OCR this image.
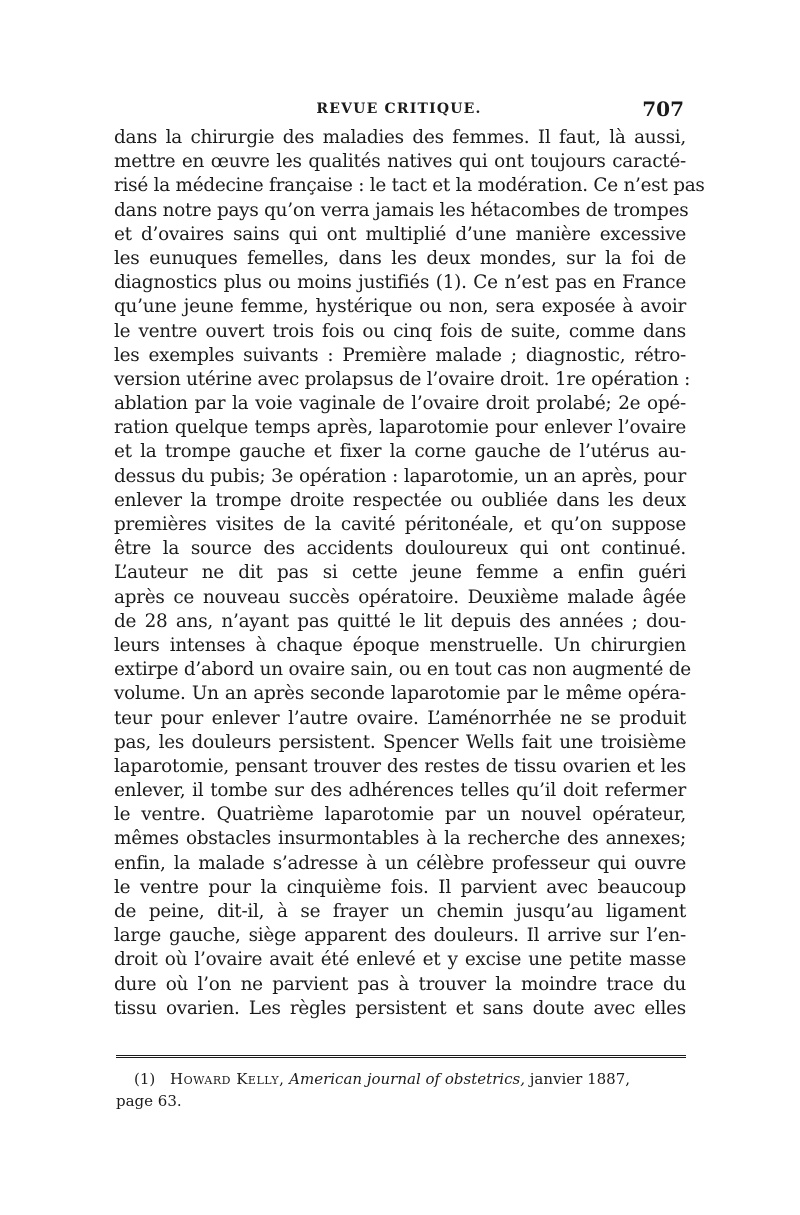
REVUE CRITIQUE.	707
dans la chirurgie des maladies des femmes. Il faut, là aussi,
mettre en œuvre les qualités natives qui ont toujours caracté-
risé la médecine française : le tact et la modération. Ce n’est pas
dans notre pays qu’on verra jamais les hétacombes de trompes
et d’ovaires sains qui ont multiplié d’une manière excessive
les eunuques femelles, dans les deux mondes, sur la foi de
diagnostics plus ou moins justifiés (1). Ce n’est pas en France
qu’une jeune femme, hystérique ou non, sera exposée à avoir
le ventre ouvert trois fois ou cinq fois de suite, comme dans
les exemples suivants : Première malade ; diagnostic, rétro-
version utérine avec prolapsus de l’ovaire droit. 1re opération :
ablation par la voie vaginale de l’ovaire droit prolabé; 2e opé-
ration quelque temps après, laparotomie pour enlever l’ovaire
et la trompe gauche et fixer la corne gauche de l’utérus au-
dessus du pubis; 3e opération : laparotomie, un an après, pour
enlever la trompe droite respectée ou oubliée dans les deux
premières visites de la cavité péritonéale, et qu’on suppose
être la source des accidents douloureux qui ont continué.
L’auteur ne dit pas si cette jeune femme a enfin guéri
après ce nouveau succès opératoire. Deuxième malade âgée
de 28 ans, n’ayant pas quitté le lit depuis des années ; dou-
leurs intenses à chaque époque menstruelle. Un chirurgien
extirpe d’abord un ovaire sain, ou en tout cas non augmenté de
volume. Un an après seconde laparotomie par le même opéra-
teur pour enlever l’autre ovaire. L’aménorrhée ne se produit
pas, les douleurs persistent. Spencer Wells fait une troisième
laparotomie, pensant trouver des restes de tissu ovarien et les
enlever, il tombe sur des adhérences telles qu’il doit refermer
le ventre. Quatrième laparotomie par un nouvel opérateur,
mêmes obstacles insurmontables à la recherche des annexes;
enfin, la malade s’adresse à un célèbre professeur qui ouvre
le ventre pour la cinquième fois. Il parvient avec beaucoup
de peine, dit-il, à se frayer un chemin jusqu’au ligament
large gauche, siège apparent des douleurs. Il arrive sur l’en-
droit où l’ovaire avait été enlevé et y excise une petite masse
dure où l’on ne parvient pas à trouver la moindre trace du
tissu ovarien. Les règles persistent et sans doute avec elles
(1) Howard Kelly, American journal of obstetrics, janvier 1887,
page 63.
